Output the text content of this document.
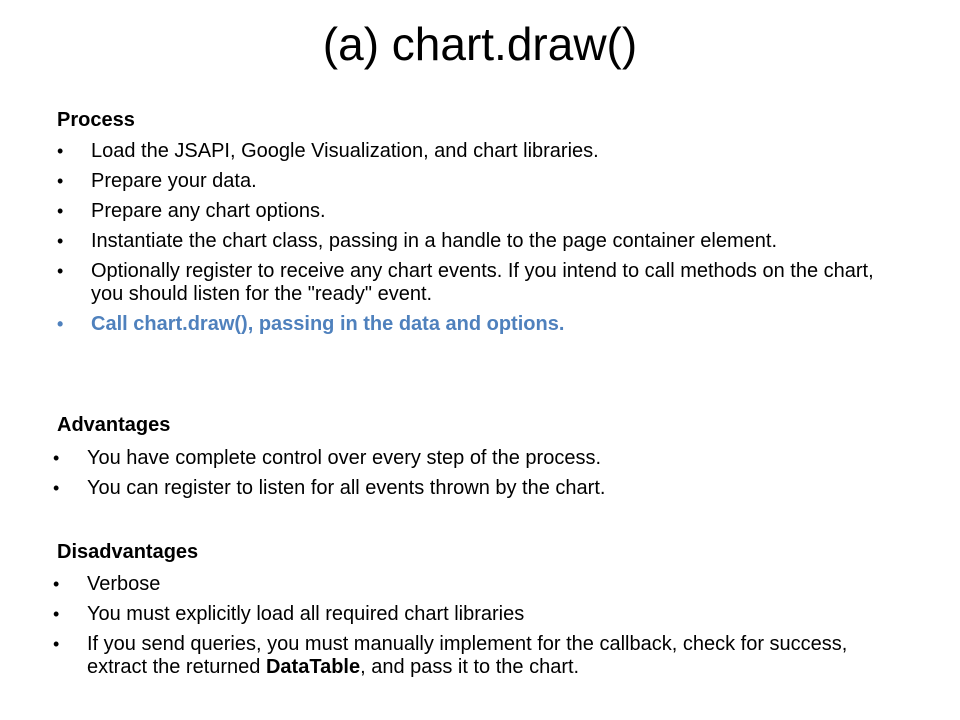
(a) chart.draw()
Process
• Load the JSAPI, Google Visualization, and chart libraries.
• Prepare your data.
• Prepare any chart options.
• Instantiate the chart class, passing in a handle to the page container element.
• Optionally register to receive any chart events. If you intend to call methods on the chart, you should listen for the "ready" event.
• Call chart.draw(), passing in the data and options.
Advantages
• You have complete control over every step of the process.
• You can register to listen for all events thrown by the chart.
Disadvantages
• Verbose
• You must explicitly load all required chart libraries
• If you send queries, you must manually implement for the callback, check for success, extract the returned DataTable, and pass it to the chart.
